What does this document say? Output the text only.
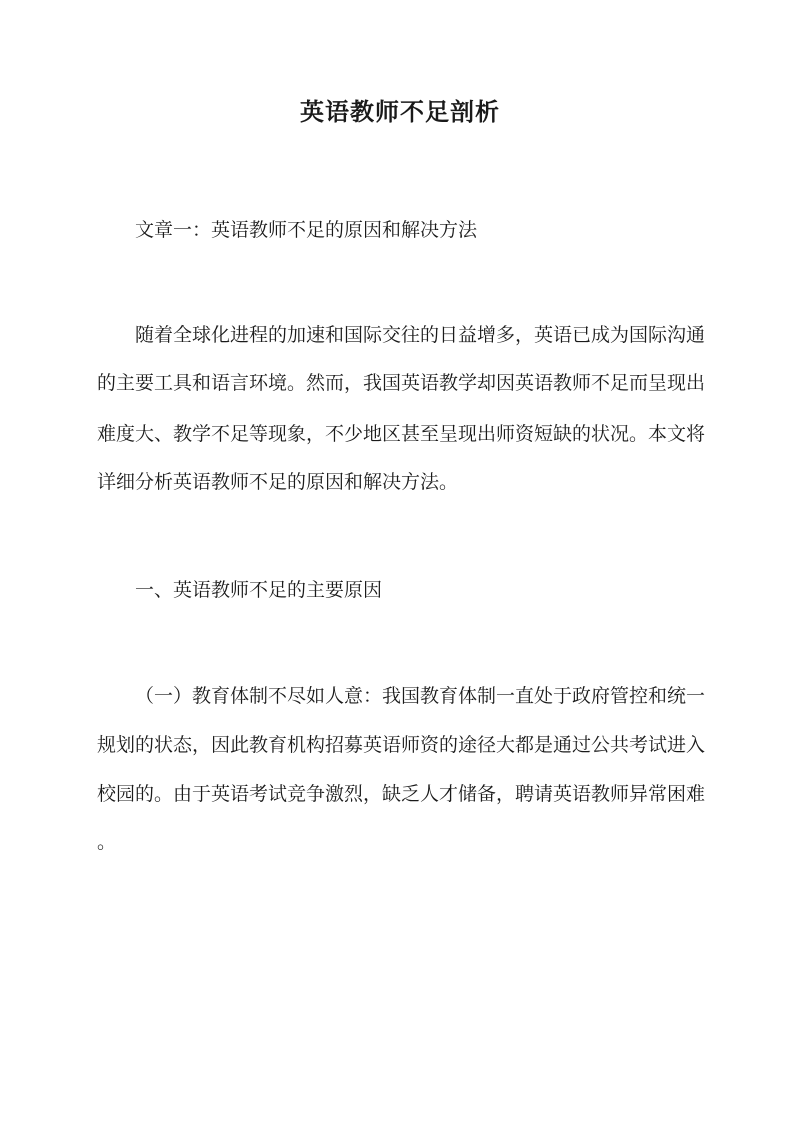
英语教师不足剖析

文章一：英语教师不足的原因和解决方法

随着全球化进程的加速和国际交往的日益增多，英语已成为国际沟通

的主要工具和语言环境。然而，我国英语教学却因英语教师不足而呈现出

难度大、教学不足等现象，不少地区甚至呈现出师资短缺的状况。本文将

详细分析英语教师不足的原因和解决方法。

一、英语教师不足的主要原因

（一）教育体制不尽如人意：我国教育体制一直处于政府管控和统一

规划的状态，因此教育机构招募英语师资的途径大都是通过公共考试进入

校园的。由于英语考试竞争激烈，缺乏人才储备，聘请英语教师异常困难

。
